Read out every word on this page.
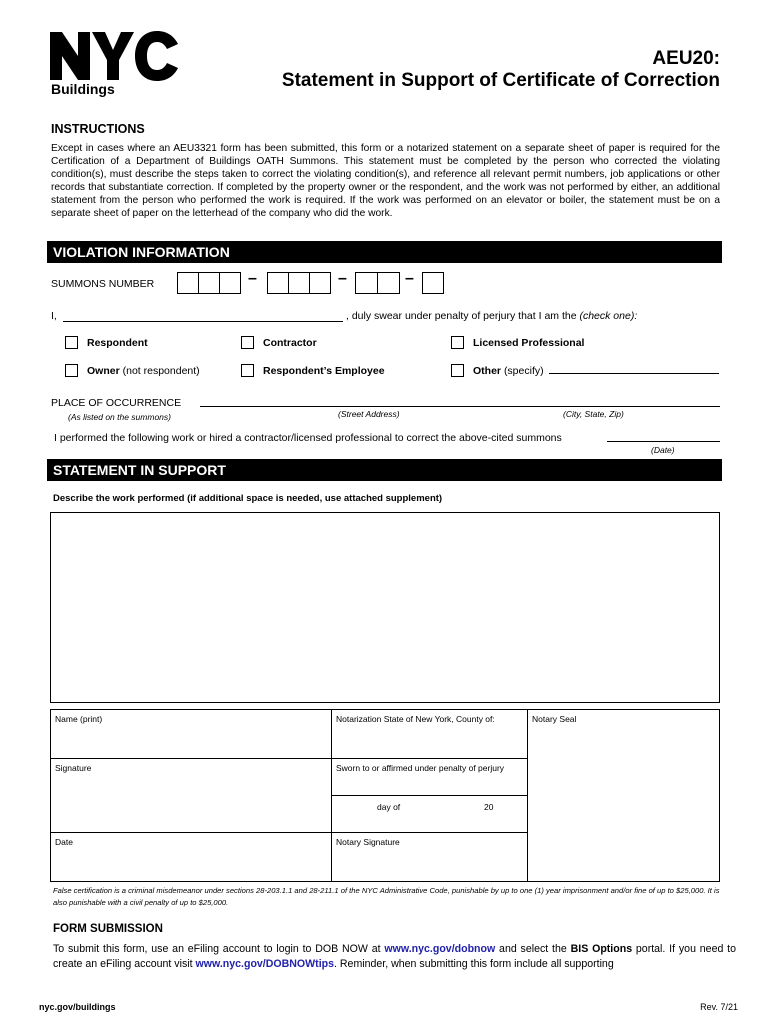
Buildings
AEU20:
Statement in Support of Certificate of Correction
INSTRUCTIONS
Except in cases where an AEU3321 form has been submitted, this form or a notarized statement on a separate sheet of paper is required for the Certification of a Department of Buildings OATH Summons. This statement must be completed by the person who corrected the violating condition(s), must describe the steps taken to correct the violating condition(s), and reference all relevant permit numbers, job applications or other records that substantiate correction. If completed by the property owner or the respondent, and the work was not performed by either, an additional statement from the person who performed the work is required. If the work was performed on an elevator or boiler, the statement must be on a separate sheet of paper on the letterhead of the company who did the work.
VIOLATION INFORMATION
SUMMONS NUMBER	–	–	–
I,	, duly swear under penalty of perjury that I am the (check one):
Respondent	Contractor	Licensed Professional
Owner (not respondent)	Respondent’s Employee	Other (specify)
PLACE OF OCCURRENCE
(As listed on the summons)	(Street Address)	(City, State, Zip)
I performed the following work or hired a contractor/licensed professional to correct the above-cited summons
(Date)
STATEMENT IN SUPPORT
Describe the work performed (if additional space is needed, use attached supplement)
Name (print)	Notarization State of New York, County of:	Notary Seal
Signature	Sworn to or affirmed under penalty of perjury
day of	20
Date	Notary Signature
False certification is a criminal misdemeanor under sections 28-203.1.1 and 28-211.1 of the NYC Administrative Code, punishable by up to one (1) year imprisonment and/or fine of up to $25,000. It is also punishable with a civil penalty of up to $25,000.
FORM SUBMISSION
To submit this form, use an eFiling account to login to DOB NOW at www.nyc.gov/dobnow and select the BIS Options portal. If you need to create an eFiling account visit www.nyc.gov/DOBNOWtips. Reminder, when submitting this form include all supporting
nyc.gov/buildings	Rev. 7/21
